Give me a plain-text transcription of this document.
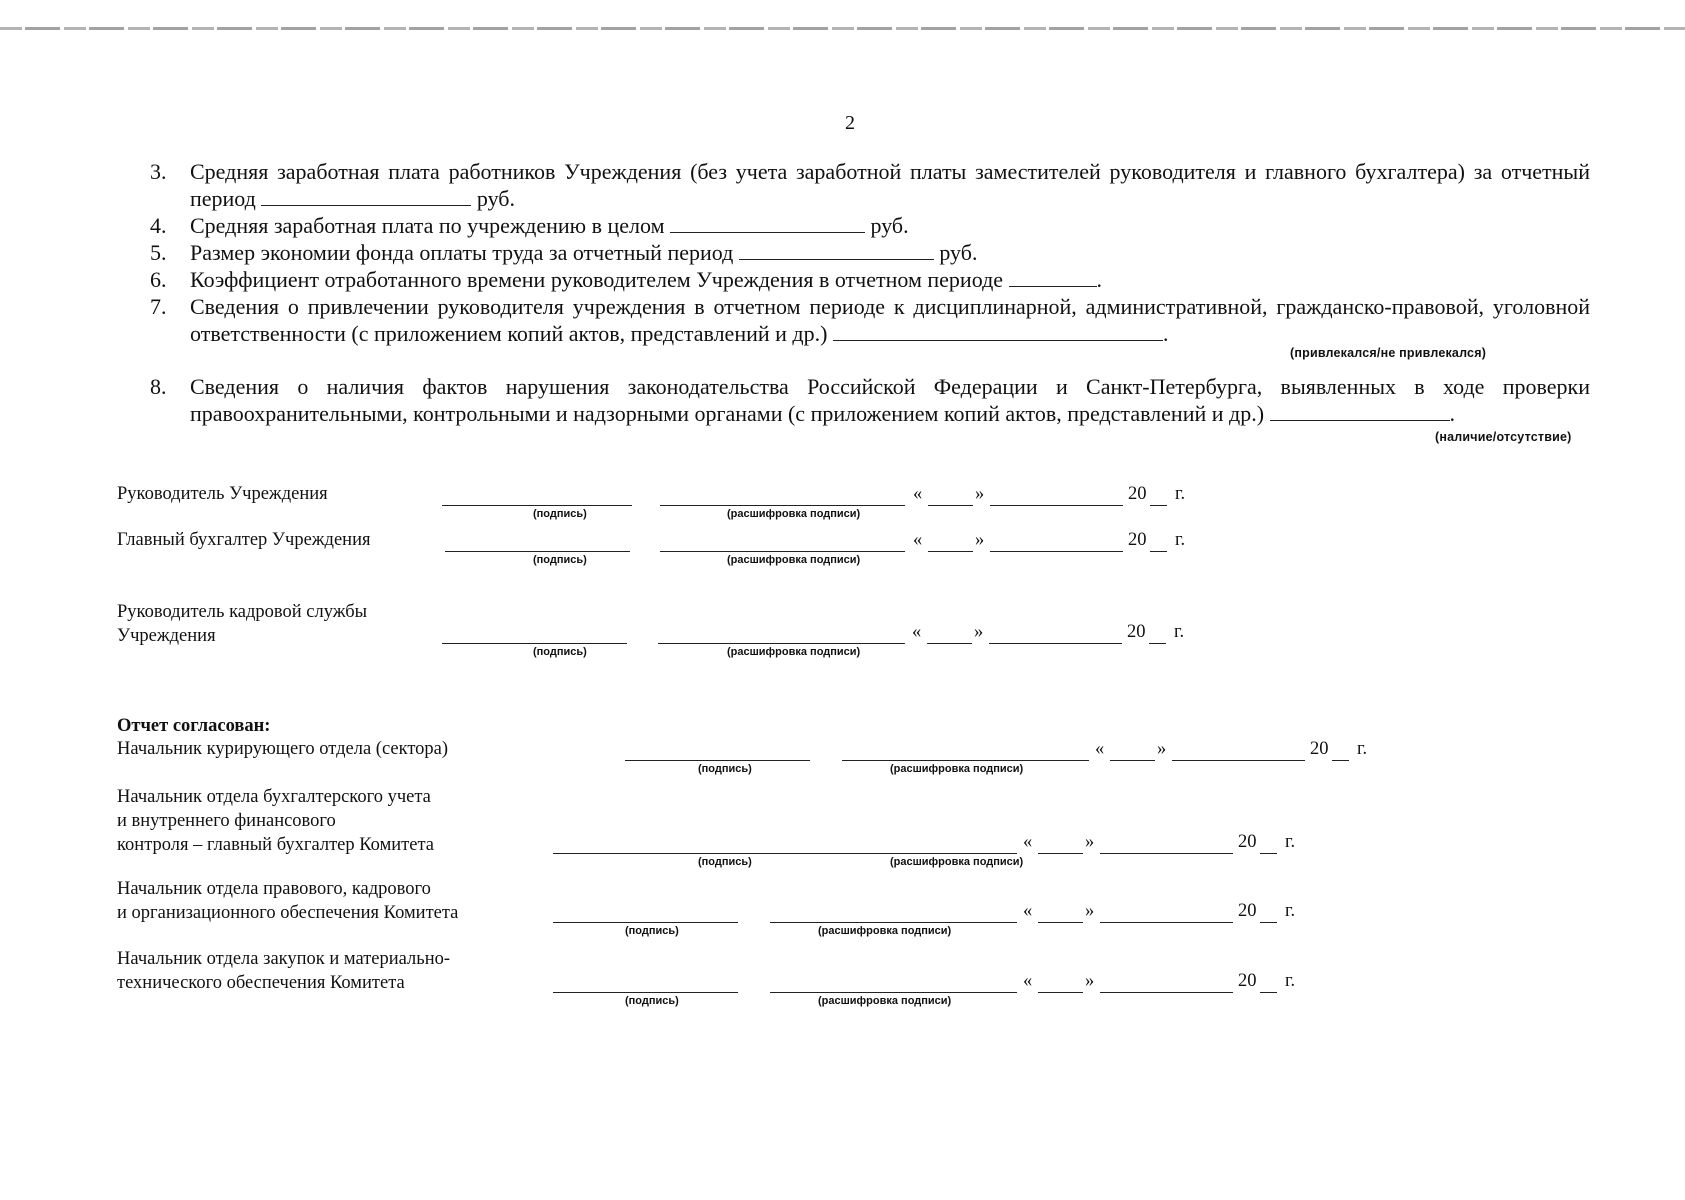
2
3. Средняя заработная плата работников Учреждения (без учета заработной платы заместителей руководителя и главного бухгалтера) за отчетный период	руб.
4. Средняя заработная плата по учреждению в целом	руб.
5. Размер экономии фонда оплаты труда за отчетный период	руб.
6. Коэффициент отработанного времени руководителем Учреждения в отчетном периоде	.
7. Сведения о привлечении руководителя учреждения в отчетном периоде к дисциплинарной, административной, гражданско-правовой, уголовной ответственности (с приложением копий актов, представлений и др.)	.
8. Сведения о наличия фактов нарушения законодательства Российской Федерации и Санкт-Петербурга, выявленных в ходе проверки правоохранительными, контрольными и надзорными органами (с приложением копий актов, представлений и др.)	.
(привлекался/не привлекался)
(наличие/отсутствие)
Руководитель Учреждения
(подпись)	(расшифровка подписи)
«	»	20 г.
Главный бухгалтер Учреждения
(подпись)	(расшифровка подписи)
«	»	20 г.
Руководитель кадровой службы
Учреждения
(подпись)	(расшифровка подписи)
«	»	20 г.
Отчет согласован:
Начальник курирующего отдела (сектора)
(подпись)	(расшифровка подписи)
«	»	20 г.
Начальник отдела бухгалтерского учета
и внутреннего финансового
контроля – главный бухгалтер Комитета
(подпись)	(расшифровка подписи)
«	»	20 г.
Начальник отдела правового, кадрового
и организационного обеспечения Комитета
(подпись)	(расшифровка подписи)
«	»	20 г.
Начальник отдела закупок и материально-
технического обеспечения Комитета
(подпись)	(расшифровка подписи)
«	»	20 г.
